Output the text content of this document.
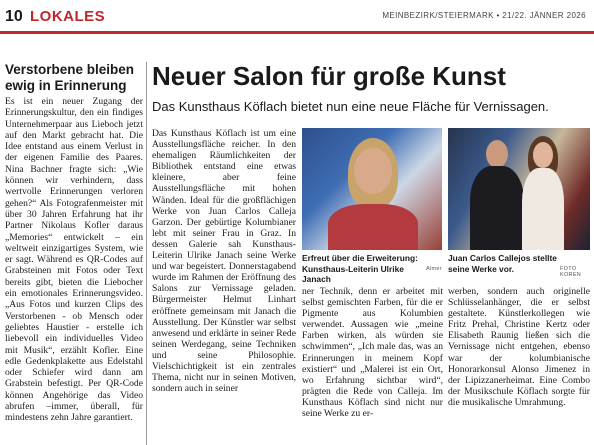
10 LOKALES	MEINBEZIRK/STEIERMARK • 21/22. JÄNNER 2026
Verstorbene bleiben ewig in Erinnerung
Es ist ein neuer Zugang der Erinnerungskultur, den ein findiges Unternehmerpaar aus Lieboch jetzt auf den Markt gebracht hat. Die Idee entstand aus einem Verlust in der eigenen Familie des Paares. Nina Bachner fragte sich: „Wie können wir verhindern, dass wertvolle Erinnerungen verloren gehen?“ Als Fotografenmeister mit über 30 Jahren Erfahrung hat ihr Partner Nikolaus Kofler daraus „Memories“ entwickelt – ein weltweit einzigartiges System, wie er sagt. Während es QR-Codes auf Grabsteinen mit Fotos oder Text bereits gibt, bieten die Liebocher ein emotionales Erinnerungsvideo. „Aus Fotos und kurzen Clips des Verstorbenen - ob Mensch oder geliebtes Haustier - erstelle ich liebevoll ein individuelles Video mit Musik“, erzählt Kofler. Eine edle Gedenkplakette aus Edelstahl oder Schiefer wird dann am Grabstein befestigt. Per QR-Code können Angehörige das Video abrufen –immer, überall, für mindestens zehn Jahre garantiert.
Neuer Salon für große Kunst
Das Kunsthaus Köflach bietet nun eine neue Fläche für Vernissagen.
Das Kunsthaus Köflach ist um eine Ausstellungsfläche reicher. In den ehemaligen Räumlichkeiten der Bibliothek entstand eine etwas kleinere, aber feine Ausstellungsfläche mit hohen Wänden. Ideal für die großflächigen Werke von Juan Carlos Calleja Garzon. Der gebürtige Kolumbianer lebt mit seiner Frau in Graz. In dessen Galerie sah Kunsthaus-Leiterin Ulrike Janach seine Werke und war begeistert. Donnerstagabend wurde im Rahmen der Eröffnung des Salons zur Vernissage geladen. Bürgermeister Helmut Linhart eröffnete gemeinsam mit Janach die Ausstellung. Der Künstler war selbst anwesend und erklärte in seiner Rede seinen Werdegang, seine Techniken und seine Philosophie. Vielschichtigkeit ist ein zentrales Thema, nicht nur in seinen Motiven, sondern auch in seiner
Erfreut über die Erweiterung: Kunsthaus-Leiterin Ulrike Janach
Almer
Juan Carlos Callejos stellte seine Werke vor.	FOTO KOREN
ner Technik, denn er arbeitet mit selbst gemischten Farben, für die er Pigmente aus Kolumbien verwendet. Aussagen wie „meine Farben wirken, als würden sie schwimmen“, „Ich male das, was an Erinnerungen in meinem Kopf existiert“ und „Malerei ist ein Ort, wo Erfahrung sichtbar wird“, prägten die Rede von Calleja. Im Kunsthaus Köflach sind nicht nur seine Werke zu er-
werben, sondern auch originelle Schlüsselanhänger, die er selbst gestaltete. Künstlerkollegen wie Fritz Prehal, Christine Kertz oder Elisabeth Raunig ließen sich die Vernissage nicht entgehen, ebenso war der kolumbianische Honorarkonsul Alonso Jimenez in der Lipizzanerheimat. Eine Combo der Musikschule Köflach sorgte für die musikalische Umrahmung.
